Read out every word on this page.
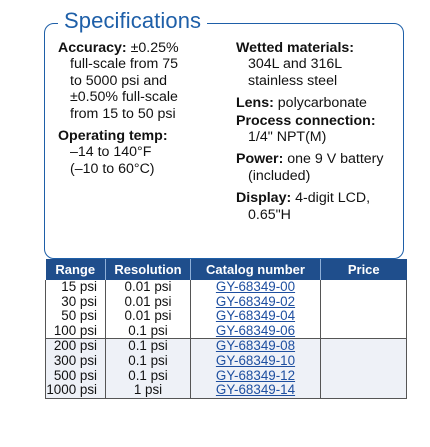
Specifications
Accuracy: ±0.25%
full-scale from 75
to 5000 psi and
±0.50% full-scale
from 15 to 50 psi
Operating temp:
–14 to 140°F
(–10 to 60°C)
Wetted materials:
304L and 316L
stainless steel
Lens: polycarbonate
Process connection:
1/4" NPT(M)
Power: one 9 V battery
(included)
Display: 4-digit LCD,
0.65"H
Range	Resolution	Catalog number	Price
15 psi	0.01 psi	GY-68349-00	
30 psi	0.01 psi	GY-68349-02	
50 psi	0.01 psi	GY-68349-04	
100 psi	0.1 psi	GY-68349-06	
200 psi	0.1 psi	GY-68349-08	
300 psi	0.1 psi	GY-68349-10	
500 psi	0.1 psi	GY-68349-12	
1000 psi	1 psi	GY-68349-14	
